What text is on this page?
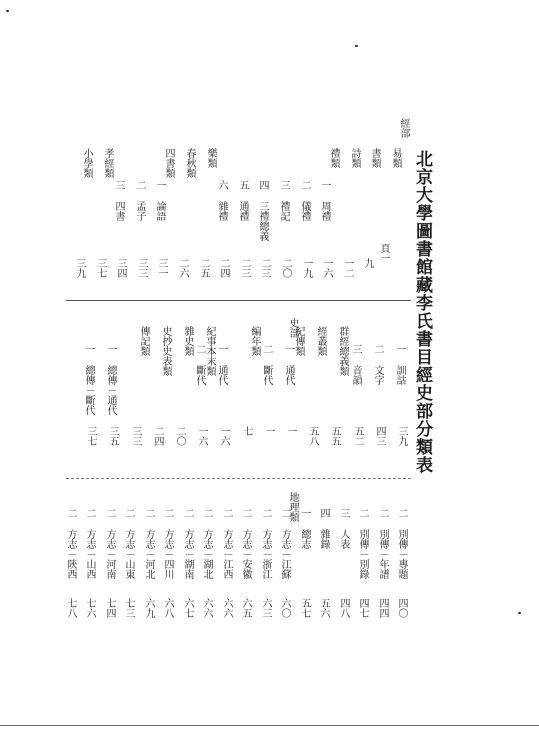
北京大學圖書館藏李氏書目經史部分類表
經部
史部
地理類
易類
書類
九
詩類
一二
禮類
一 周禮
一六
二 儀禮
一九
三 禮記
二〇
四 三禮總義
二三
五 通禮
二三
六 雜禮
二四
樂類
二五
春秋類
二六
四書類
一 論語
三一
二 孟子
三三
三 四書
三四
孝經類
三七
小學類
三九
頁一
一 訓詁
三九
二 文字
四三
三 音韻
五二
群經總義類
五五
經叢類
五八
紀傳類
一 通代
一
二 斷代
一
編年類
七
一 通代
一六
紀事本末類
二 斷代
一六
雜史類
二〇
史抄史表類
二四
傳記類
三三
一 總傳－通代
三五
一 總傳－斷代
三七
二 別傳－專題
四〇
二 別傳－年譜
四四
二 別傳－別錄
四七
三 人表
四八
四 雜錄
五六
一 總志
五七
二 方志－江蘇
六〇
二 方志－浙江
六三
二 方志－安徽
六五
二 方志－江西
六六
二 方志－湖北
六六
二 方志－湖南
六七
二 方志－四川
六八
二 方志－河北
六九
二 方志－山東
七三
二 方志－河南
七四
二 方志－山西
七六
二 方志－陝西
七八
